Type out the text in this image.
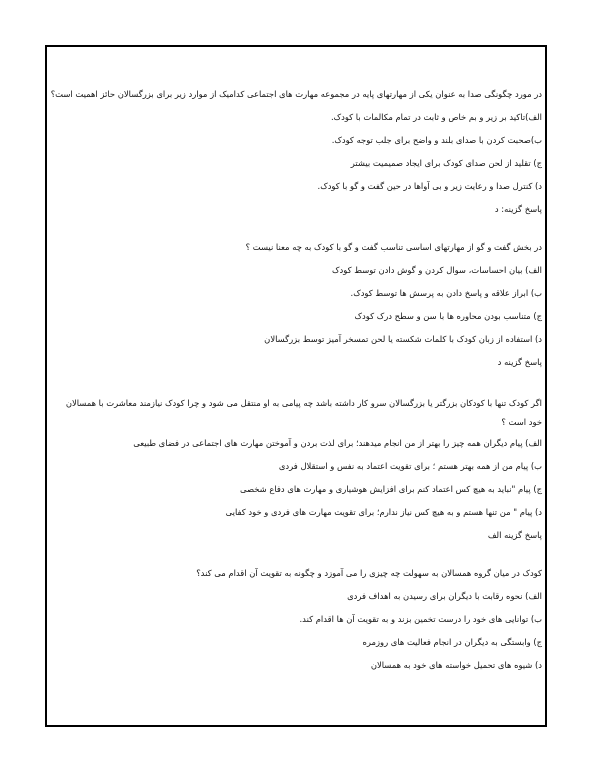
در مورد چگونگی صدا به عنوان یکی از مهارتهای پایه در مجموعه مهارت های اجتماعی کدامیک از موارد زیر برای بزرگسالان حائز اهمیت است؟
الف)تاکید بر زیر و بم خاص و ثابت در تمام مکالمات با کودک.
ب)صحبت کردن با صدای بلند و واضح برای جلب توجه کودک.
ج) تقلید از لحن صدای کودک برای ایجاد صمیمیت بیشتر
د) کنترل صدا و رعایت زیر و بی آواها در حین گفت و گو با کودک.
پاسخ گزینه: د
در بخش گفت و گو از مهارتهای اساسی تناسب گفت و گو با کودک به چه معنا نیست ؟
الف) بیان احساسات، سوال کردن و گوش دادن توسط کودک
ب) ابراز علاقه و پاسخ دادن به پرسش ها توسط کودک.
ج) متناسب بودن محاوره ها با سن و سطح درک کودک
د) استفاده از زبان کودک با کلمات شکسته یا لحن تمسخر آمیز توسط بزرگسالان
پاسخ گزینه د
اگر کودک تنها با کودکان بزرگتر یا بزرگسالان سرو کار داشته باشد چه پیامی به او منتقل می شود و چرا کودک نیازمند معاشرت با همسالان خود است ؟
الف) پیام دیگران همه چیز را بهتر از من انجام میدهند؛ برای لذت بردن و آموختن مهارت های اجتماعی در فضای طبیعی
ب) پیام من از همه بهتر هستم ؛ برای تقویت اعتماد به نفس و استقلال فردی
ج) پیام "نباید به هیچ کس اعتماد کنم برای افزایش هوشیاری و مهارت های دفاع شخصی
د) پیام " من تنها هستم و به هیچ کس نیاز ندارم؛ برای تقویت مهارت های فردی و خود کفایی
پاسخ گزینه الف
کودک در میان گروه همسالان به سهولت چه چیزی را می آموزد و چگونه به تقویت آن اقدام می کند؟
الف) نحوه رقابت با دیگران برای رسیدن به اهداف فردی
ب) توانایی های خود را درست تخمین بزند و به تقویت آن ها اقدام کند.
ج) وابستگی به دیگران در انجام فعالیت های روزمره
د) شیوه های تحمیل خواسته های خود به همسالان
